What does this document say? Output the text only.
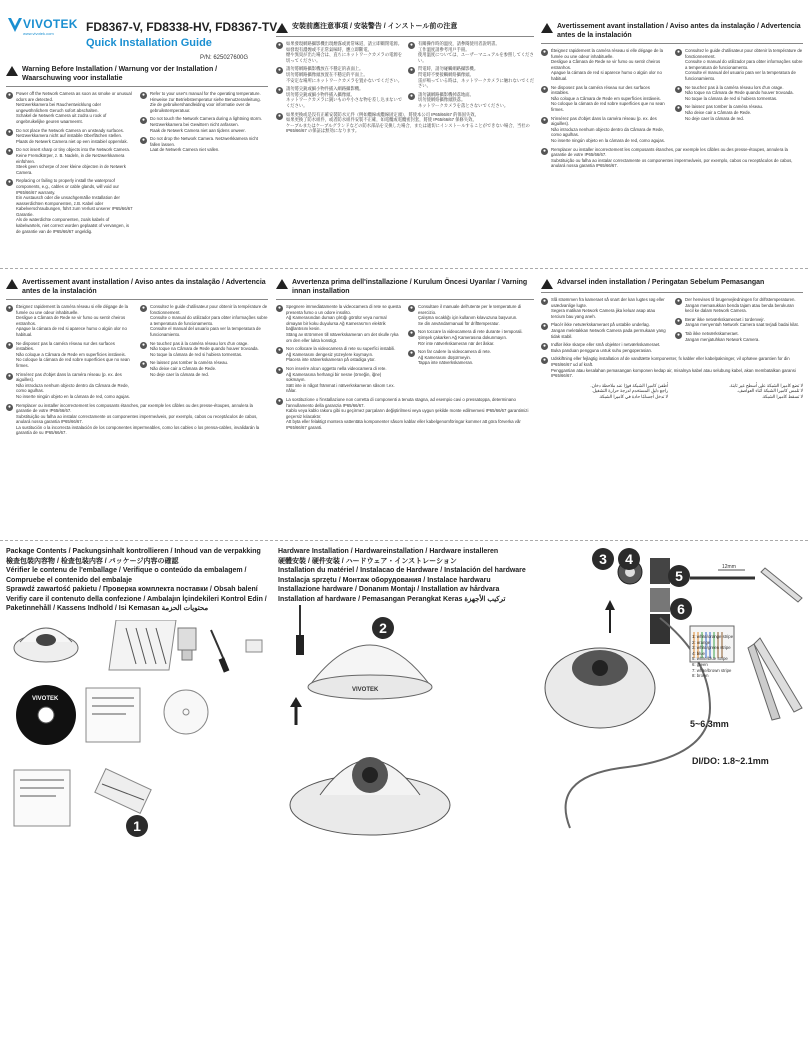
VIVOTEK
www.vivotek.com	FD8367-V, FD8338-HV, FD8367-TV
Quick Installation Guide
P/N: 625027600G
Warning Before Installation / Warnung vor der Installation / Waarschuwing voor installatie
●	Power off the Network Camera as soon as smoke or unusual odors are detected.
Netzwerkkamera bei Rauchentwicklung oder ungewöhnlichem Geruch sofort abschalten.
Schakel de Netwerk Camera uit zodra u rook of ongebruikelijke geuren waarneemt.
●	Do not place the Network Camera on unsteady surfaces.
Netzwerkkamera nicht auf instabile Oberflächen stellen.
Plaats de Netwerk Camera niet op een instabiel oppervlak.
●	Do not insert sharp or tiny objects into the Network Camera.
Keine Fremdkörper, z. B. Nadeln, in die Netzwerkkamera einführen.
Steek geen scherpe of zeer kleine objecten in de Netwerk Camera.
●	Replacing or failing to properly install the waterproof components, e.g., cables or cable glands, will void our IP65/66/67 warranty.
Ein Austausch oder die unsachgemäße Installation der wasserdichten Komponenten, z.B. Kabel oder Kabelverschraubungen, führt zum Verlust unserer IP65/66/67 Garantie.
Als de waterdichte componenten, zoals kabels of kabelwartels, niet correct worden geplaatst of vervangen, is de garantie van de IP65/66/67 ongeldig.
●	Refer to your user's manual for the operating temperature.
Hinweise zur Betriebstemperatur siehe Benutzeranleitung.
Zie de gebruikershandleiding voor informatie over de gebruikstemperatuur.
●	Do not touch the Network Camera during a lightning storm.
Netzwerkkamera bei Gewittern nicht anfassen.
Raak de Netwerk Camera niet aan tijdens onweer.
●	Do not drop the Network Camera. Netzwerkkamera nicht fallen lassen.
Laat de Netwerk Camera niet vallen.
安裝前應注意事項 / 安装警告 / インストール前の注意
●	如果發現網路攝影機出現煙霧或異常味道，請立即關閉電源。
如發現有濃煙或不正常氣味時，應立即斷電。
煙や異臭が出た場合は、直ちにネットワークカメラの電源を切ってください。
●	請勿將網路攝影機放在不穩定的表面上。
切勿將網路攝像頭放置在不穩定的平面上。
不安定な場所にネットワークカメラを置かないでください。
●	請勿將尖銳或細小物件插入網路攝影機。
切勿將尖銳或細小物件插入攝像頭。
ネットワークカメラに鋭いものや小さな物を差し込まないでください。
●	有關操作時的溫度，請參閱使用者說明書。
工作溫度請參考用戶手冊。
使用温度については、ユーザーマニュアルを参照してください。
●	閃電時，請勿碰觸網路攝影機。
閃電時不要接觸網絡攝像頭。
雷が鳴っている時は、ネットワークカメラに触れないでください。
●	請勿讓網路攝影機掉落地面。
切勿使網絡攝像頭跌落。
ネットワークカメラを落とさないでください。
●	如果更換或是沒有正確安裝防水元件（例如纜線或纜線固定頭），將使本公司 IP65/66/67 的保固失效。
如果更換了防水組件，或者防水組件安裝不正確，如電纜或電纜密封套，將使 IP65/66/67 保修失效。
ケーブルまたはケーブルグランドなどの防水部品を交換した場合、または適切にインストールすることができない場合、当社の IP65/66/67 の保証は無効になります。
Avertissement avant installation / Aviso antes da instalação / Advertencia antes de la instalación
●	Éteignez rapidement la caméra réseau si elle dégage de la fumée ou une odeur inhabituelle.
Desligue a Câmara de Rede se vir fumo ou sentir cheiros estranhos.
Apague la cámara de red si aparece humo o algún olor no habitual.
●	Ne disposez pas la caméra réseau sur des surfaces instables.
Não coloque a Câmara de Rede em superfícies instáveis.
No coloque la cámara de red sobre superficies que no sean firmes.
●	N'insérez pas d'objet dans la caméra réseau (p. ex. des aiguilles).
Não introduza nenhum objecto dentro da Câmara de Rede, como agulhas.
No inserte ningún objeto en la cámara de red, como agujas.
●	Consultez le guide d'utilisateur pour obtenir la température de fonctionnement.
Consulte o manual do utilizador para obter informações sobre a temperatura de funcionamento.
Consulte el manual del usuario para ver la temperatura de funcionamiento.
●	Ne touchez pas à la caméra réseau lors d'un orage.
Não toque na Câmara de Rede quando houver trovoada.
No toque la cámara de red si hubiera tormentas.
●	Ne laissez pas tomber la caméra réseau.
Não deixe cair a Câmara de Rede.
No deje caer la cámara de red.
●	Remplacer ou installer incorrectement les composants étanches, par exemple les câbles ou des presse-étoupes, annulera la garantie de votre IP65/66/67.
Substituição ou falha ao instalar correctamente os componentes impermeáveis, por exemplo, cabos ou receptáculos de cabos, anulará nossa garantia IP65/66/67.
Avertissement avant installation / Aviso antes da instalação / Advertencia antes de la instalación
●	Éteignez rapidement la caméra réseau si elle dégage de la fumée ou une odeur inhabituelle.
Desligue a Câmara de Rede se vir fumo ou sentir cheiros estranhos.
Apague la cámara de red si aparece humo o algún olor no habitual.
●	Ne disposez pas la caméra réseau sur des surfaces instables.
Não coloque a Câmara de Rede em superfícies instáveis.
No coloque la cámara de red sobre superficies que no sean firmes.
●	N'insérez pas d'objet dans la caméra réseau (p. ex. des aiguilles).
Não introduza nenhum objecto dentro da Câmara de Rede, como agulhas.
No inserte ningún objeto en la cámara de red, como agujas.
●	Consultez le guide d'utilisateur pour obtenir la température de fonctionnement.
Consulte o manual do utilizador para obter informações sobre a temperatura de funcionamento.
Consulte el manual del usuario para ver la temperatura de funcionamiento.
●	Ne touchez pas à la caméra réseau lors d'un orage.
Não toque na Câmara de Rede quando houver trovoada.
No toque la cámara de red si hubiera tormentas.
●	Ne laissez pas tomber la caméra réseau.
Não deixe cair a Câmara de Rede.
No deje caer la cámara de red.
●	Remplacer ou installer incorrectement les composants étanches, par exemple les câbles ou des presse-étoupes, annulera la garantie de votre IP65/66/67.
Substituição ou falha ao instalar correctamente os componentes impermeáveis, por exemplo, cabos ou receptáculos de cabos, anulará nossa garantia IP65/66/67.
La sustitución o la incorrecta instalación de los componentes impermeables, como los cables o los prensa-cables, invalidarán la garantía de su IP65/66/67.
Avvertenza prima dell'installazione / Kurulum Öncesi Uyarılar / Varning innan installation
●	Spegnere immediatamente la videocamera di rete se questa presenta fumo o un odore insolito.
Ağ Kamerasından duman çıktığı görülür veya normal olmayan bir koku duyulursa Ağ Kamerası'nın elektrik bağlantısını kesin.
Stäng av strömmen till nätverkskameran om det skulle ryka om den eller lukta konstigt.
●	Non collocare la videocamera di rete su superfici instabili.
Ağ Kamerasını dengesiz yüzeylere koymayın.
Placera inte nätverkskameran på ostadiga ytor.
●	Non inserire alcun oggetto nella videocamera di rete.
Ağ Kamerasına herhangi bir nesne (örneğin, iğne) sokmayın.
Sätt inte in något främmat i nätverkskameran såsom t.ex. nålar.
●	Consultare il manuale dell'utente per le temperature di esercizio.
Çalışma sıcaklığı için kullanım kılavuzuna başvurun.
Se din användarmanual för drifttemperatur.
●	Non toccare la videocamera di rete durante i temporali.
Şimşek çakarken Ağ Kamerasına dokunmayın.
Rör inte nätverkskameran när det åskar.
●	Non far cadere la videocamera di rete.
Ağ Kamerasını düşürmeyin.
Tappa inte nätverkskameran.
●	La sostituzione o l'installazione non corretta di componenti a tenuta stagna, ad esempio cavi o pressatoppa, determinano l'annullamento della garanzia IP65/66/67.
Kablo veya kablo rakoru gibi su geçirmez parçaların değiştirilmesi veya uygun şekilde monte edilmemesi IP65/66/67 garantimizi geçersiz kılacaktır.
Att byta eller felaktigt montera vattentäta komponenter såsom kablar eller kabelgenomföringar kommer att göra förverka vår IP65/66/67 garanti.
Advarsel inden installation / Peringatan Sebelum Pemasangan
●	Slå strømmen fra kameraet så snart der kan lugtes røg eller usædvanlige lugte.
Segera matikan Network Camera jika keluar asap atau tercium bau yang aneh.
●	Placér ikke netværkskameraet på ustabile underlag.
Jangan meletakkan Network Camera pada permukaan yang tidak stabil.
●	Indfør ikke skarpe eller små objekter i netværkskameraet.
Buka panduan pengguna untuk suhu pengoperasian.
●	Der henvises til brugervejledningen for driftstemperaturen.
Jangan memasukkan benda tajam atau benda berukuran kecil ke dalam Network Camera.
●	Berør ikke netværkskameraet i tordenvejr.
Jangan menyentuh Network Camera saat terjadi badai kilat.
●	Tab ikke netværkskameraet.
Jangan menjatuhkan Network Camera.
●	Udskiftning eller fejlagtig installation af de vandtætte komponenter, fx kabler eller kabelpakninger, vil ophæve garantien for din IP65/66/67 ud af kraft.
Penggantian atau kesalahan pemasangan komponen kedap air, misalnya kabel atau selubung kabel, akan membatalkan garansi IP65/66/67.
لا تضع كاميرا الشبكة على أسطح غير ثابتة.
لا تلمس كاميرا الشبكة أثناء العواصف.
لا تسقط كاميرا الشبكة.
أطفئ كاميرا الشبكة فورًا عند ملاحظة دخان.
راجع دليل المستخدم لدرجة حرارة التشغيل.
لا تدخل أجسامًا حادة في كاميرا الشبكة.
Package Contents / Packungsinhalt kontrollieren / Inhoud van de verpakking
檢查包裝內容物 / 检查包装内容 / パッケージ内容の確認
Vérifier le contenu de l'emballage / Verifique o conteúdo da embalagem / Compruebe el contenido del embalaje
Sprawdź zawartość pakietu / Проверка комплекта поставки / Obsah balení
Verifiy care il contenuto della confezione / Ambalajın İçindekileri Kontrol Edin / Paketinnehåll / Kassens Indhold / Isi Kemasan محتويات الحزمة
VIVOTEK
1
Hardware Installation / Hardwareinstallation / Hardware installeren
硬體安裝 / 硬件安装 / ハードウェア・インストレーション
Installation du matériel / Instalacao de Hardware / Instalación del hardware
Instalacja sprzętu / Монтаж оборудования / Instalace hardwaru
Installazione hardware / Donanım Montajı / Installation av hårdvara
Installation af hardware / Pemasangan Perangkat Keras تركيب الأجهزة
VIVOTEK
2
12mm
3	4
5
6
1: white/orange stripe
2: orange
3: white/green stripe
4: blue
5: white/blue stripe
6: green
7: white/brown stripe
8: brown
5~6.3mm
DI/DO: 1.8~2.1mm
